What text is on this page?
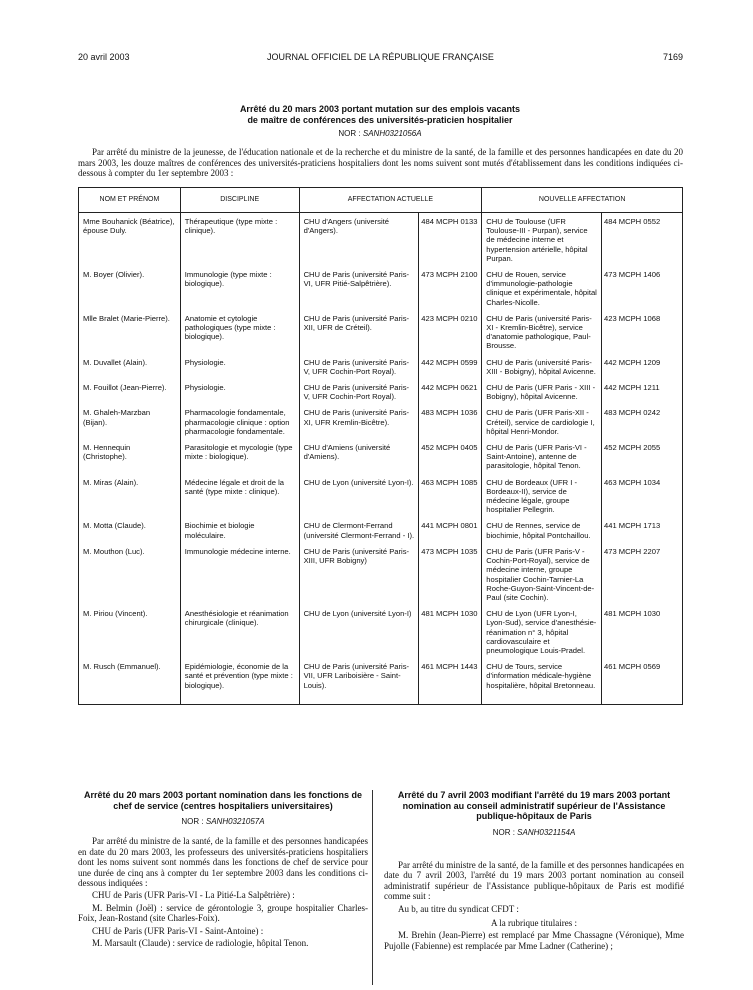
20 avril 2003	JOURNAL OFFICIEL DE LA RÉPUBLIQUE FRANÇAISE	7169
Arrêté du 20 mars 2003 portant mutation sur des emplois vacants
de maître de conférences des universités-praticien hospitalier
NOR : SANH0321056A

Par arrêté du ministre de la jeunesse, de l'éducation nationale et de la recherche et du ministre de la santé, de la famille et des personnes handicapées en date du 20 mars 2003, les douze maîtres de conférences des universités-praticiens hospitaliers dont les noms suivent sont mutés d'établissement dans les conditions indiquées ci-dessous à compter du 1er septembre 2003 :

NOM ET PRÉNOM	DISCIPLINE	AFFECTATION ACTUELLE		NOUVELLE AFFECTATION	
Mme Bouhanick (Béatrice), épouse Duly.	Thérapeutique (type mixte : clinique).	CHU d'Angers (université d'Angers).	484 MCPH 0133	CHU de Toulouse (UFR Toulouse-III - Purpan), service de médecine interne et hypertension artérielle, hôpital Purpan.	484 MCPH 0552
M. Boyer (Olivier).	Immunologie (type mixte : biologique).	CHU de Paris (université Paris-VI, UFR Pitié-Salpêtrière).	473 MCPH 2100	CHU de Rouen, service d'immunologie-pathologie clinique et expérimentale, hôpital Charles-Nicolle.	473 MCPH 1406
Mlle Bralet (Marie-Pierre).	Anatomie et cytologie pathologiques (type mixte : biologique).	CHU de Paris (université Paris-XII, UFR de Créteil).	423 MCPH 0210	CHU de Paris (université Paris-XI - Kremlin-Bicêtre), service d'anatomie pathologique, Paul-Brousse.	423 MCPH 1068
M. Duvallet (Alain).	Physiologie.	CHU de Paris (université Paris-V, UFR Cochin-Port Royal).	442 MCPH 0599	CHU de Paris (université Paris-XIII - Bobigny), hôpital Avicenne.	442 MCPH 1209
M. Fouillot (Jean-Pierre).	Physiologie.	CHU de Paris (université Paris-V, UFR Cochin-Port Royal).	442 MCPH 0621	CHU de Paris (UFR Paris - XIII - Bobigny), hôpital Avicenne.	442 MCPH 1211
M. Ghaleh-Marzban (Bijan).	Pharmacologie fondamentale, pharmacologie clinique : option pharmacologie fondamentale.	CHU de Paris (université Paris-XI, UFR Kremlin-Bicêtre).	483 MCPH 1036	CHU de Paris (UFR Paris-XII - Créteil), service de cardiologie I, hôpital Henri-Mondor.	483 MCPH 0242
M. Hennequin (Christophe).	Parasitologie et mycologie (type mixte : biologique).	CHU d'Amiens (université d'Amiens).	452 MCPH 0405	CHU de Paris (UFR Paris-VI - Saint-Antoine), antenne de parasitologie, hôpital Tenon.	452 MCPH 2055
M. Miras (Alain).	Médecine légale et droit de la santé (type mixte : clinique).	CHU de Lyon (université Lyon-I).	463 MCPH 1085	CHU de Bordeaux (UFR I - Bordeaux-II), service de médecine légale, groupe hospitalier Pellegrin.	463 MCPH 1034
M. Motta (Claude).	Biochimie et biologie moléculaire.	CHU de Clermont-Ferrand (université Clermont-Ferrand - I).	441 MCPH 0801	CHU de Rennes, service de biochimie, hôpital Pontchaillou.	441 MCPH 1713
M. Mouthon (Luc).	Immunologie médecine interne.	CHU de Paris (université Paris-XIII, UFR Bobigny)	473 MCPH 1035	CHU de Paris (UFR Paris-V - Cochin-Port-Royal), service de médecine interne, groupe hospitalier Cochin-Tarnier-La Roche-Guyon-Saint-Vincent-de-Paul (site Cochin).	473 MCPH 2207
M. Piriou (Vincent).	Anesthésiologie et réanimation chirurgicale (clinique).	CHU de Lyon (université Lyon-I)	481 MCPH 1030	CHU de Lyon (UFR Lyon-I, Lyon-Sud), service d'anesthésie-réanimation n° 3, hôpital cardiovasculaire et pneumologique Louis-Pradel.	481 MCPH 1030
M. Rusch (Emmanuel).	Epidémiologie, économie de la santé et prévention (type mixte : biologique).	CHU de Paris (université Paris-VII, UFR Lariboisière - Saint-Louis).	461 MCPH 1443	CHU de Tours, service d'information médicale-hygiène hospitalière, hôpital Bretonneau.	461 MCPH 0569
Arrêté du 20 mars 2003 portant nomination dans les fonctions de chef de service (centres hospitaliers universitaires)
NOR : SANH0321057A

Par arrêté du ministre de la santé, de la famille et des personnes handicapées en date du 20 mars 2003, les professeurs des universités-praticiens hospitaliers dont les noms suivent sont nommés dans les fonctions de chef de service pour une durée de cinq ans à compter du 1er septembre 2003 dans les conditions ci-dessous indiquées :

CHU de Paris (UFR Paris-VI - La Pitié-La Salpêtrière) :

M. Belmin (Joël) : service de gérontologie 3, groupe hospitalier Charles-Foix, Jean-Rostand (site Charles-Foix).

CHU de Paris (UFR Paris-VI - Saint-Antoine) :

M. Marsault (Claude) : service de radiologie, hôpital Tenon.

Arrêté du 7 avril 2003 modifiant l'arrêté du 19 mars 2003 portant nomination au conseil administratif supérieur de l'Assistance publique-hôpitaux de Paris
NOR : SANH0321154A

Par arrêté du ministre de la santé, de la famille et des personnes handicapées en date du 7 avril 2003, l'arrêté du 19 mars 2003 portant nomination au conseil administratif supérieur de l'Assistance publique-hôpitaux de Paris est modifié comme suit :

Au b, au titre du syndicat CFDT :

A la rubrique titulaires :

M. Brehin (Jean-Pierre) est remplacé par Mme Chassagne (Véronique), Mme Pujolle (Fabienne) est remplacée par Mme Ladner (Catherine) ;
